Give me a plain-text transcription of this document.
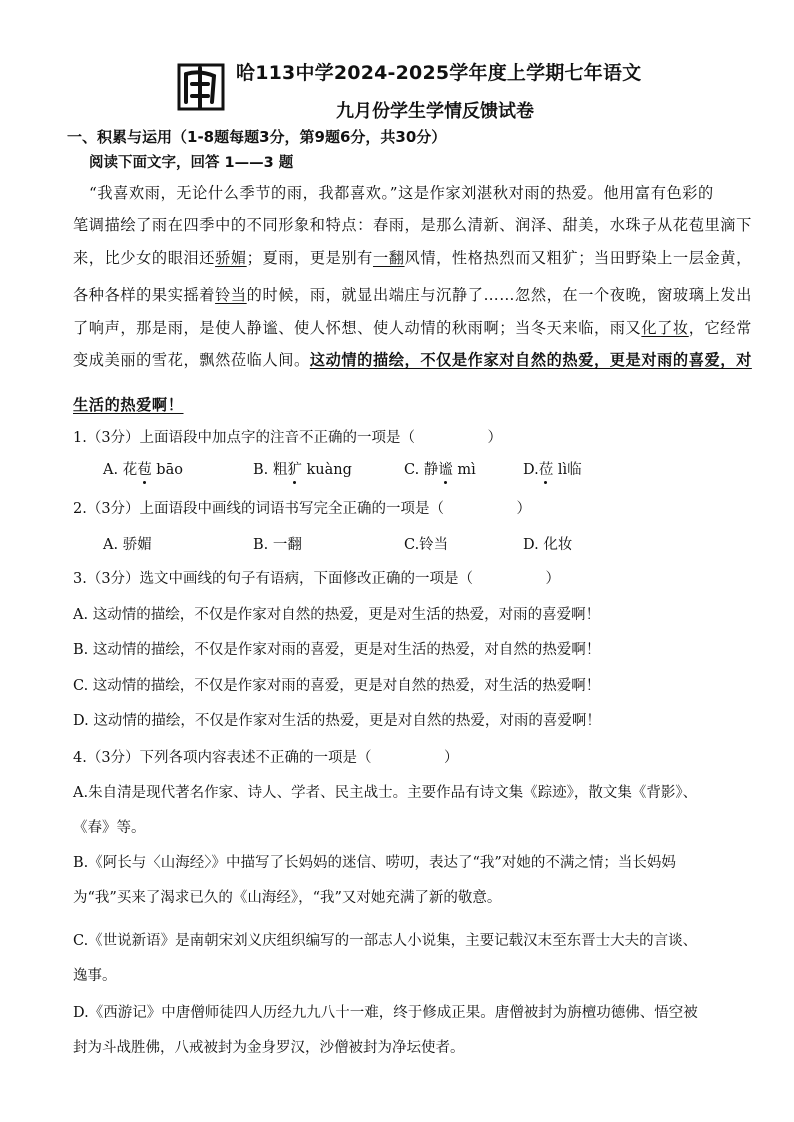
中
哈113中学2024-2025学年度上学期七年语文
九月份学生学情反馈试卷
一、积累与运用（1-8题每题3分，第9题6分，共30分）
阅读下面文字，回答 1——3 题
“我喜欢雨，无论什么季节的雨，我都喜欢。”这是作家刘湛秋对雨的热爱。他用富有色彩的
笔调描绘了雨在四季中的不同形象和特点：春雨，是那么清新、润泽、甜美，水珠子从花苞里滴下
来，比少女的眼泪还骄媚；夏雨，更是别有一翻风情，性格热烈而又粗犷；当田野染上一层金黄，
各种各样的果实摇着铃当的时候，雨，就显出端庄与沉静了……忽然，在一个夜晚，窗玻璃上发出
了响声，那是雨，是使人静谧、使人怀想、使人动情的秋雨啊；当冬天来临，雨又化了妆，它经常
变成美丽的雪花，飘然莅临人间。这动情的描绘，不仅是作家对自然的热爱，更是对雨的喜爱，对
生活的热爱啊！
1.（3分）上面语段中加点字的注音不正确的一项是（　　　　　）
A. 花苞 bāo	B. 粗犷 kuàng	C. 静谧 mì	D.莅 lì临
2.（3分）上面语段中画线的词语书写完全正确的一项是（　　　　　）
A. 骄媚	B. 一翻	C.铃当	D. 化妆
3.（3分）选文中画线的句子有语病，下面修改正确的一项是（　　　　　）
A. 这动情的描绘，不仅是作家对自然的热爱，更是对生活的热爱，对雨的喜爱啊！
B. 这动情的描绘，不仅是作家对雨的喜爱，更是对生活的热爱，对自然的热爱啊！
C. 这动情的描绘，不仅是作家对雨的喜爱，更是对自然的热爱，对生活的热爱啊！
D. 这动情的描绘，不仅是作家对生活的热爱，更是对自然的热爱，对雨的喜爱啊！
4.（3分）下列各项内容表述不正确的一项是（　　　　　）
A.朱自清是现代著名作家、诗人、学者、民主战士。主要作品有诗文集《踪迹》，散文集《背影》、
《春》等。
B.《阿长与〈山海经〉》中描写了长妈妈的迷信、唠叨，表达了“我”对她的不满之情；当长妈妈
为“我”买来了渴求已久的《山海经》，“我”又对她充满了新的敬意。
C.《世说新语》是南朝宋刘义庆组织编写的一部志人小说集，主要记载汉末至东晋士大夫的言谈、
逸事。
D.《西游记》中唐僧师徒四人历经九九八十一难，终于修成正果。唐僧被封为旃檀功德佛、悟空被
封为斗战胜佛，八戒被封为金身罗汉，沙僧被封为净坛使者。
